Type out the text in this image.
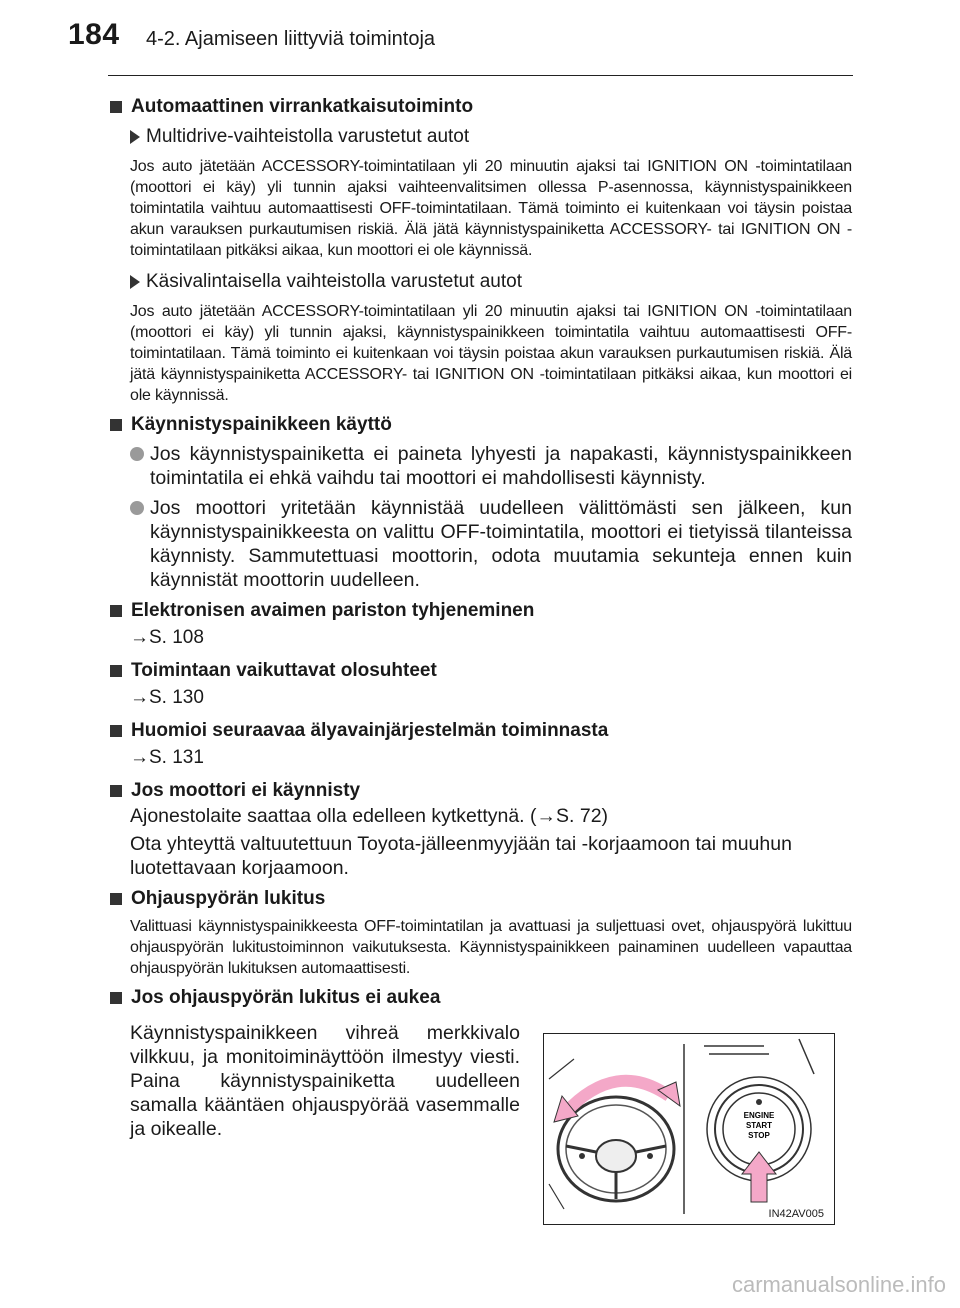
184 4-2. Ajamiseen liittyviä toimintoja
Automaattinen virrankatkaisutoiminto
Multidrive-vaihteistolla varustetut autot
Jos auto jätetään ACCESSORY-toimintatilaan yli 20 minuutin ajaksi tai IGNITION ON -toimintatilaan (moottori ei käy) yli tunnin ajaksi vaihteenvalitsimen ollessa P-asennossa, käynnistyspainikkeen toimintatila vaihtuu automaattisesti OFF-toimintatilaan. Tämä toiminto ei kuitenkaan voi täysin poistaa akun varauksen purkautumisen riskiä. Älä jätä käynnistyspainiketta ACCESSORY- tai IGNITION ON -toimintatilaan pitkäksi aikaa, kun moottori ei ole käynnissä.
Käsivalintaisella vaihteistolla varustetut autot
Jos auto jätetään ACCESSORY-toimintatilaan yli 20 minuutin ajaksi tai IGNITION ON -toimintatilaan (moottori ei käy) yli tunnin ajaksi, käynnistyspainikkeen toimintatila vaihtuu automaattisesti OFF-toimintatilaan. Tämä toiminto ei kuitenkaan voi täysin poistaa akun varauksen purkautumisen riskiä. Älä jätä käynnistyspainiketta ACCESSORY- tai IGNITION ON -toimintatilaan pitkäksi aikaa, kun moottori ei ole käynnissä.
Käynnistyspainikkeen käyttö
Jos käynnistyspainiketta ei paineta lyhyesti ja napakasti, käynnistyspainikkeen toimintatila ei ehkä vaihdu tai moottori ei mahdollisesti käynnisty.
Jos moottori yritetään käynnistää uudelleen välittömästi sen jälkeen, kun käynnistyspainikkeesta on valittu OFF-toimintatila, moottori ei tietyissä tilanteissa käynnisty. Sammutettuasi moottorin, odota muutamia sekunteja ennen kuin käynnistät moottorin uudelleen.
Elektronisen avaimen pariston tyhjeneminen
→S. 108
Toimintaan vaikuttavat olosuhteet
→S. 130
Huomioi seuraavaa älyavainjärjestelmän toiminnasta
→S. 131
Jos moottori ei käynnisty
Ajonestolaite saattaa olla edelleen kytkettynä. (→S. 72)
Ota yhteyttä valtuutettuun Toyota-jälleenmyyjään tai -korjaamoon tai muuhun luotettavaan korjaamoon.
Ohjauspyörän lukitus
Valittuasi käynnistyspainikkeesta OFF-toimintatilan ja avattuasi ja suljettuasi ovet, ohjauspyörä lukittuu ohjauspyörän lukitustoiminnon vaikutuksesta. Käynnistyspainikkeen painaminen uudelleen vapauttaa ohjauspyörän lukituksen automaattisesti.
Jos ohjauspyörän lukitus ei aukea
Käynnistyspainikkeen vihreä merkkivalo vilkkuu, ja monitoiminäyttöön ilmestyy viesti. Paina käynnistyspainiketta uudelleen samalla kääntäen ohjauspyörää vasemmalle ja oikealle.
ENGINE
START
STOP
IN42AV005
carmanualsonline.info
